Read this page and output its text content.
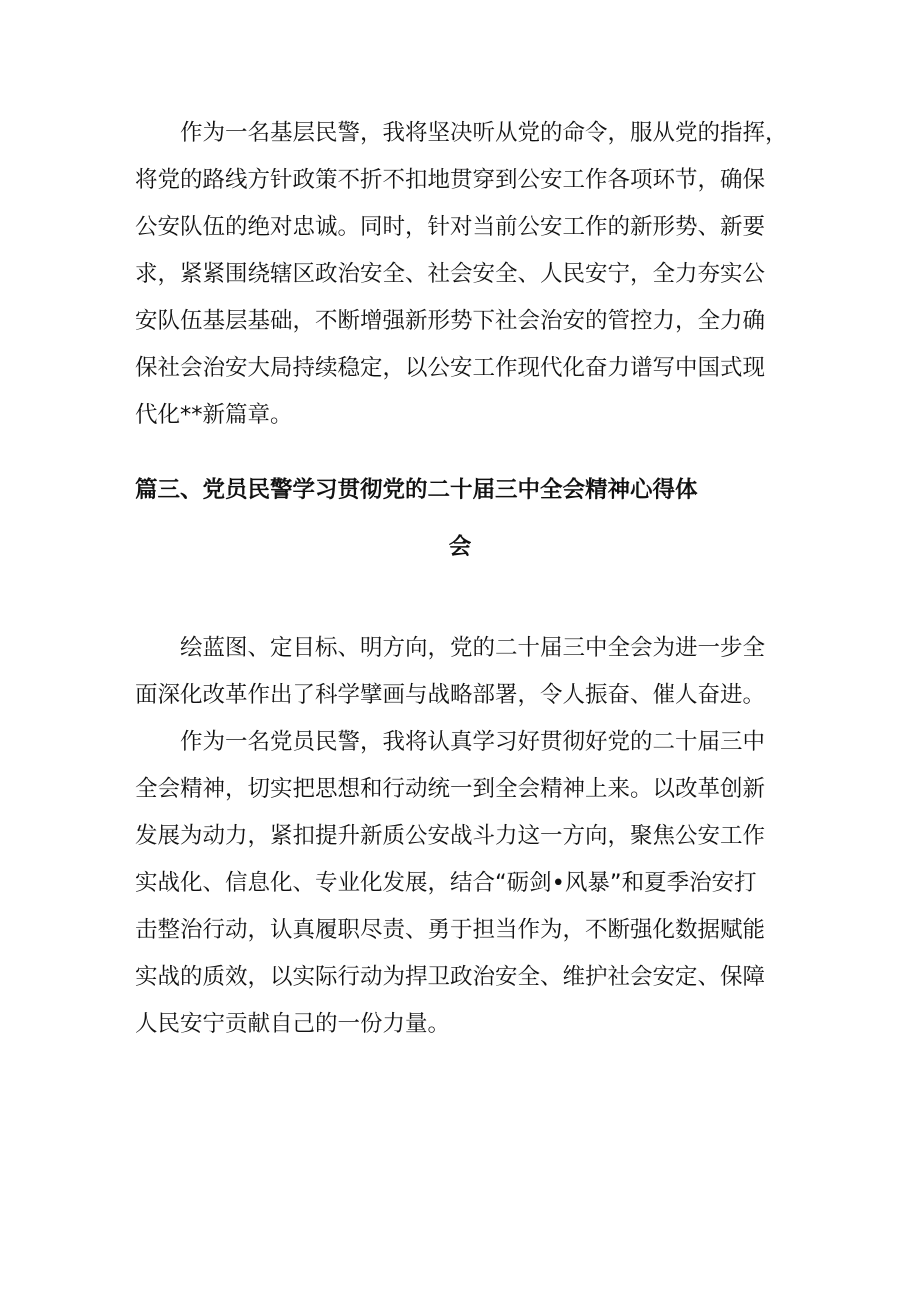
作为一名基层民警，我将坚决听从党的命令，服从党的指挥，
将党的路线方针政策不折不扣地贯穿到公安工作各项环节，确保
公安队伍的绝对忠诚。同时，针对当前公安工作的新形势、新要
求，紧紧围绕辖区政治安全、社会安全、人民安宁，全力夯实公
安队伍基层基础，不断增强新形势下社会治安的管控力，全力确
保社会治安大局持续稳定，以公安工作现代化奋力谱写中国式现
代化**新篇章。
篇三、党员民警学习贯彻党的二十届三中全会精神心得体
会
绘蓝图、定目标、明方向，党的二十届三中全会为进一步全
面深化改革作出了科学擘画与战略部署，令人振奋、催人奋进。
作为一名党员民警，我将认真学习好贯彻好党的二十届三中
全会精神，切实把思想和行动统一到全会精神上来。以改革创新
发展为动力，紧扣提升新质公安战斗力这一方向，聚焦公安工作
实战化、信息化、专业化发展，结合“砺剑•风暴”和夏季治安打
击整治行动，认真履职尽责、勇于担当作为，不断强化数据赋能
实战的质效，以实际行动为捍卫政治安全、维护社会安定、保障
人民安宁贡献自己的一份力量。
